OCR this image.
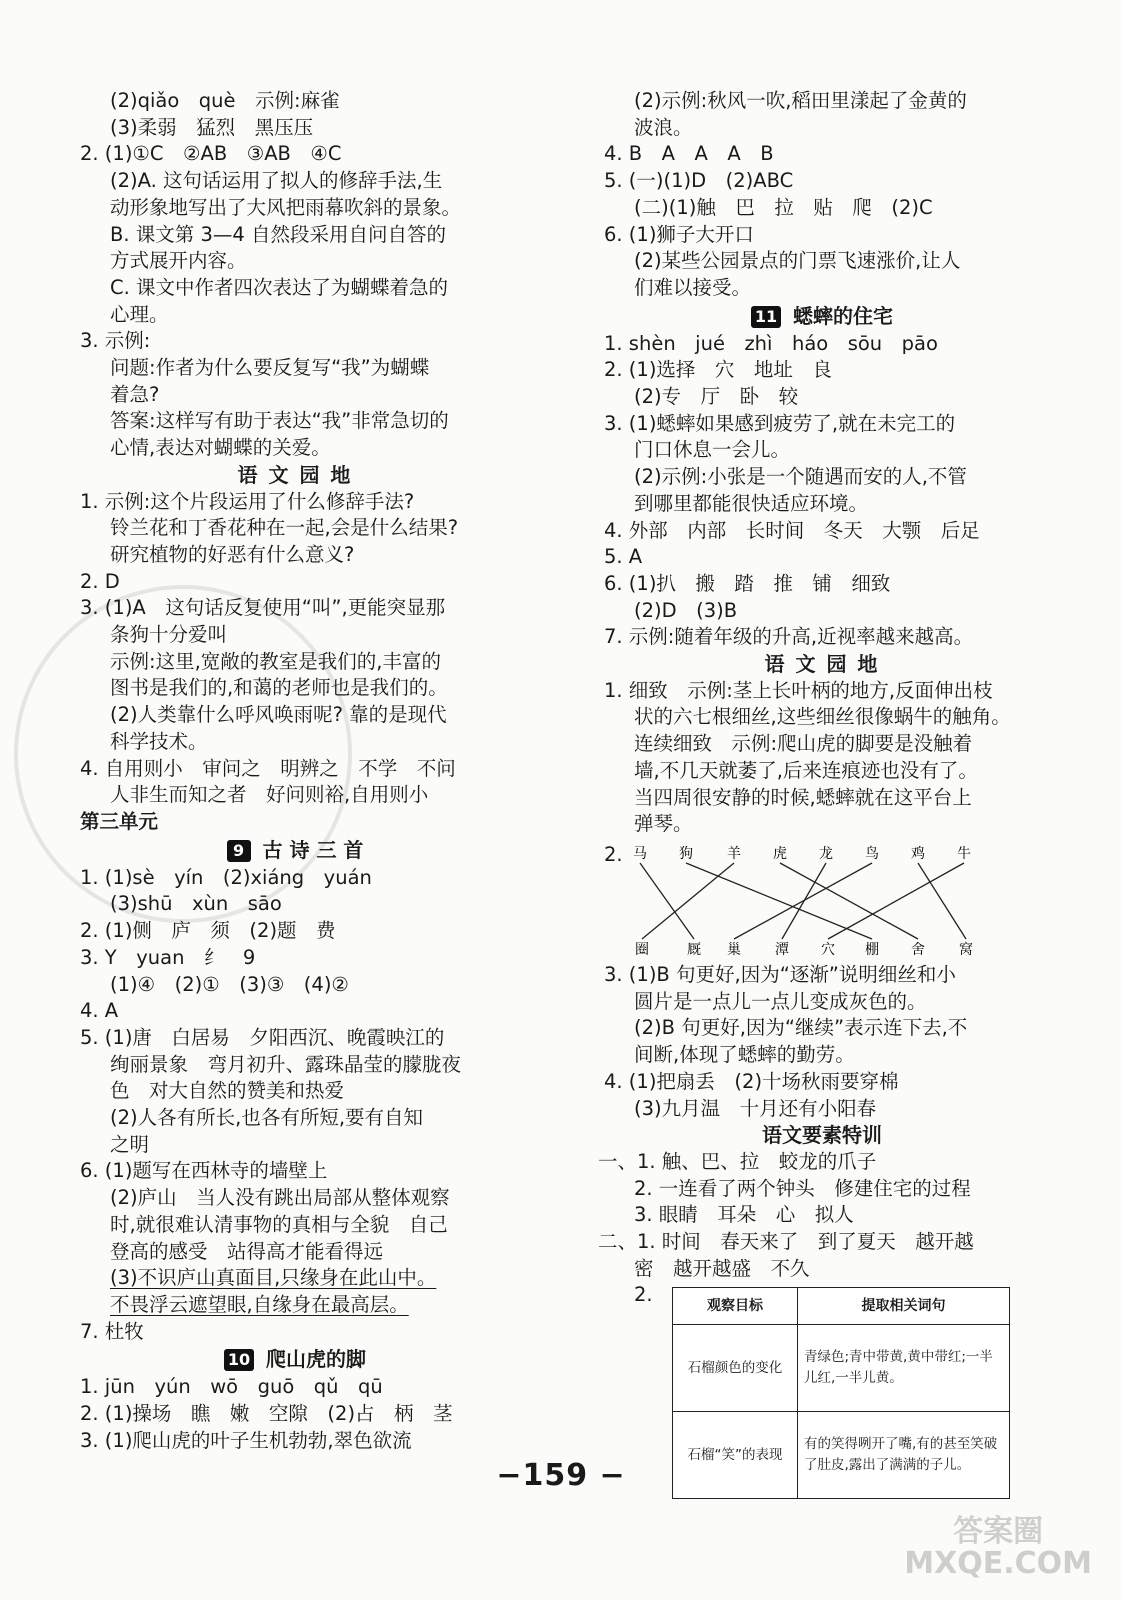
(2)qiǎo　què　示例:麻雀
(3)柔弱　猛烈　黑压压
2. (1)①C　②AB　③AB　④C
(2)A. 这句话运用了拟人的修辞手法,生
动形象地写出了大风把雨幕吹斜的景象。
B. 课文第 3—4 自然段采用自问自答的
方式展开内容。
C. 课文中作者四次表达了为蝴蝶着急的
心理。
3. 示例:
问题:作者为什么要反复写“我”为蝴蝶
着急?
答案:这样写有助于表达“我”非常急切的
心情,表达对蝴蝶的关爱。
语 文 园 地
1. 示例:这个片段运用了什么修辞手法?
铃兰花和丁香花种在一起,会是什么结果?
研究植物的好恶有什么意义?
2. D
3. (1)A　这句话反复使用“叫”,更能突显那
条狗十分爱叫
示例:这里,宽敞的教室是我们的,丰富的
图书是我们的,和蔼的老师也是我们的。
(2)人类靠什么呼风唤雨呢? 靠的是现代
科学技术。
4. 自用则小　审问之　明辨之　不学　不问
人非生而知之者　好问则裕,自用则小
第三单元
9 古 诗 三 首
1. (1)sè　yín　(2)xiáng　yuán
(3)shū　xùn　sāo
2. (1)侧　庐　须　(2)题　费
3. Y　yuan　纟　9
(1)④　(2)①　(3)③　(4)②
4. A
5. (1)唐　白居易　夕阳西沉、晚霞映江的
绚丽景象　弯月初升、露珠晶莹的朦胧夜
色　对大自然的赞美和热爱
(2)人各有所长,也各有所短,要有自知
之明
6. (1)题写在西林寺的墙壁上
(2)庐山　当人没有跳出局部从整体观察
时,就很难认清事物的真相与全貌　自己
登高的感受　站得高才能看得远
(3)不识庐山真面目,只缘身在此山中。
不畏浮云遮望眼,自缘身在最高层。
7. 杜牧
10 爬山虎的脚
1. jūn　yún　wō　guō　qǔ　qū
2. (1)操场　瞧　嫩　空隙　(2)占　柄　茎
3. (1)爬山虎的叶子生机勃勃,翠色欲流
(2)示例:秋风一吹,稻田里漾起了金黄的
波浪。
4. B　A　A　A　B
5. (一)(1)D　(2)ABC
(二)(1)触　巴　拉　贴　爬　(2)C
6. (1)狮子大开口
(2)某些公园景点的门票飞速涨价,让人
们难以接受。
11 蟋蟀的住宅
1. shèn　jué　zhì　háo　sōu　pāo
2. (1)选择　穴　地址　良
(2)专　厅　卧　较
3. (1)蟋蟀如果感到疲劳了,就在未完工的
门口休息一会儿。
(2)示例:小张是一个随遇而安的人,不管
到哪里都能很快适应环境。
4. 外部　内部　长时间　冬天　大颚　后足
5. A
6. (1)扒　搬　踏　推　铺　细致
(2)D　(3)B
7. 示例:随着年级的升高,近视率越来越高。
语 文 园 地
1. 细致　示例:茎上长叶柄的地方,反面伸出枝
状的六七根细丝,这些细丝很像蜗牛的触角。
连续细致　示例:爬山虎的脚要是没触着
墙,不几天就萎了,后来连痕迹也没有了。
当四周很安静的时候,蟋蟀就在这平台上
弹琴。
2. 马 狗 羊 虎 龙 鸟 鸡 牛
圈	厩 巢 潭 穴 棚 舍 窝
3. (1)B 句更好,因为“逐渐”说明细丝和小
圆片是一点儿一点儿变成灰色的。
(2)B 句更好,因为“继续”表示连下去,不
间断,体现了蟋蟀的勤劳。
4. (1)把扇丢　(2)十场秋雨要穿棉
(3)九月温　十月还有小阳春
语文要素特训
一、1. 触、巴、拉　蛟龙的爪子
2. 一连看了两个钟头　修建住宅的过程
3. 眼睛　耳朵　心　拟人
二、1. 时间　春天来了　到了夏天　越开越
密　越开越盛　不久
2.	观察目标	提取相关词句
石榴颜色的变化	青绿色;青中带黄,黄中带红;一半儿红,一半儿黄。
石榴“笑”的表现	有的笑得咧开了嘴,有的甚至笑破了肚皮,露出了满满的子儿。
−159 −
答案圈
MXQE.COM
